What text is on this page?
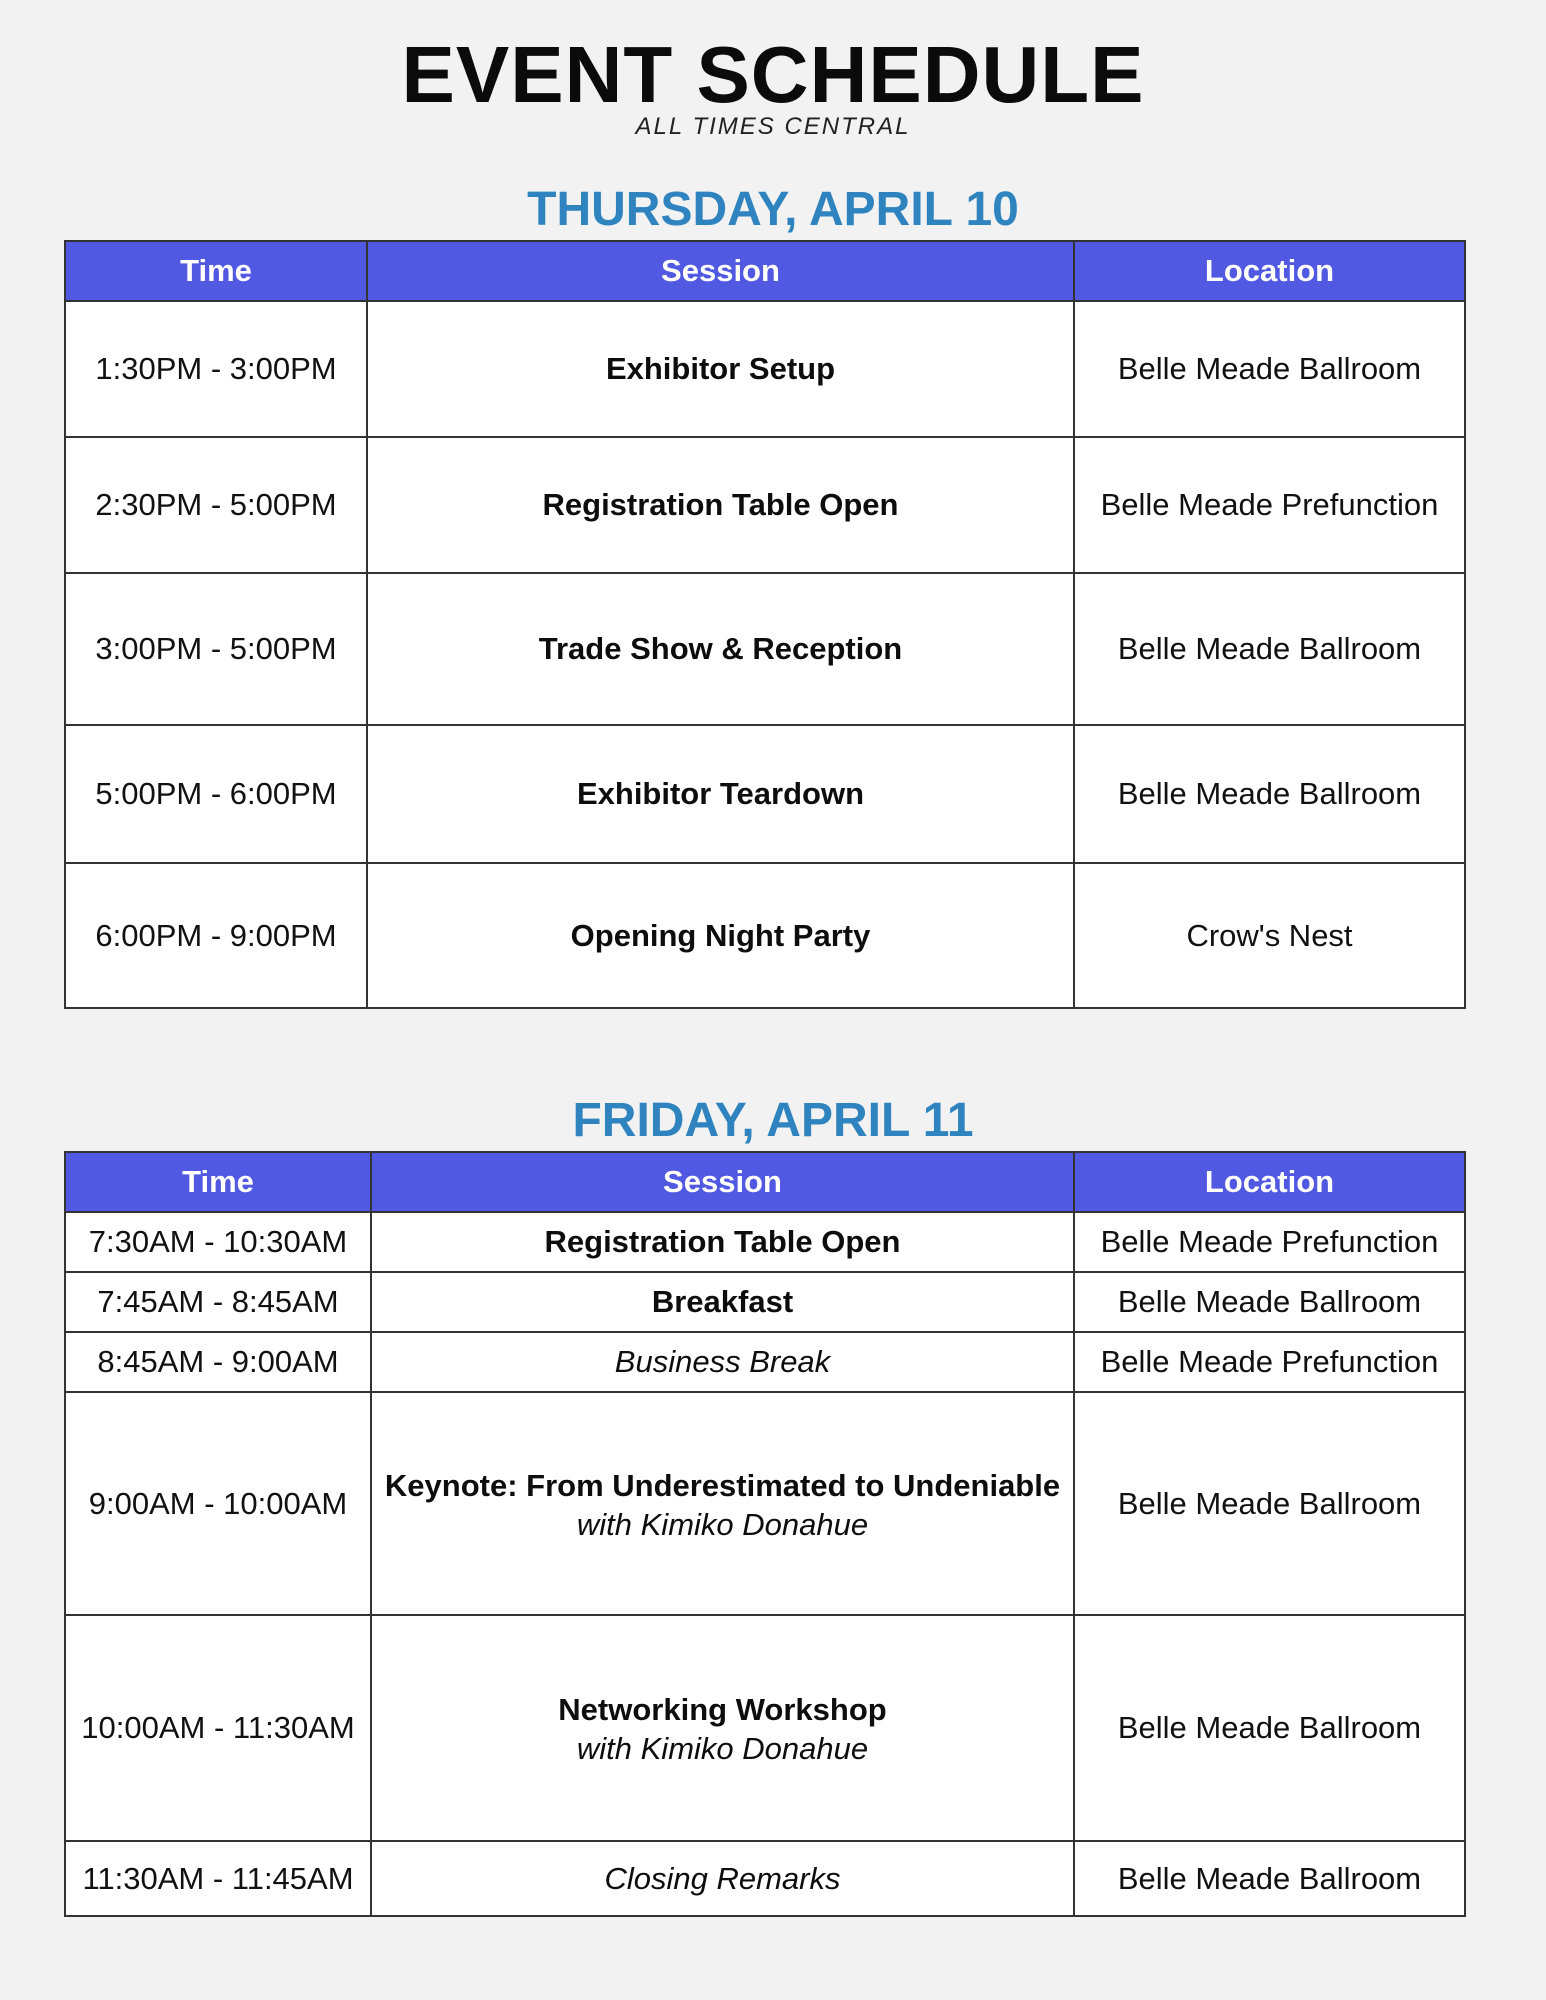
EVENT SCHEDULE
ALL TIMES CENTRAL
THURSDAY, APRIL 10
Time	Session	Location
1:30PM - 3:00PM	Exhibitor Setup	Belle Meade Ballroom
2:30PM - 5:00PM	Registration Table Open	Belle Meade Prefunction
3:00PM - 5:00PM	Trade Show & Reception	Belle Meade Ballroom
5:00PM - 6:00PM	Exhibitor Teardown	Belle Meade Ballroom
6:00PM - 9:00PM	Opening Night Party	Crow's Nest
FRIDAY, APRIL 11
Time	Session	Location
7:30AM - 10:30AM	Registration Table Open	Belle Meade Prefunction
7:45AM - 8:45AM	Breakfast	Belle Meade Ballroom
8:45AM - 9:00AM	Business Break	Belle Meade Prefunction
9:00AM - 10:00AM	Keynote: From Underestimated to Undeniable
with Kimiko Donahue	Belle Meade Ballroom
10:00AM - 11:30AM	Networking Workshop
with Kimiko Donahue	Belle Meade Ballroom
11:30AM - 11:45AM	Closing Remarks	Belle Meade Ballroom
